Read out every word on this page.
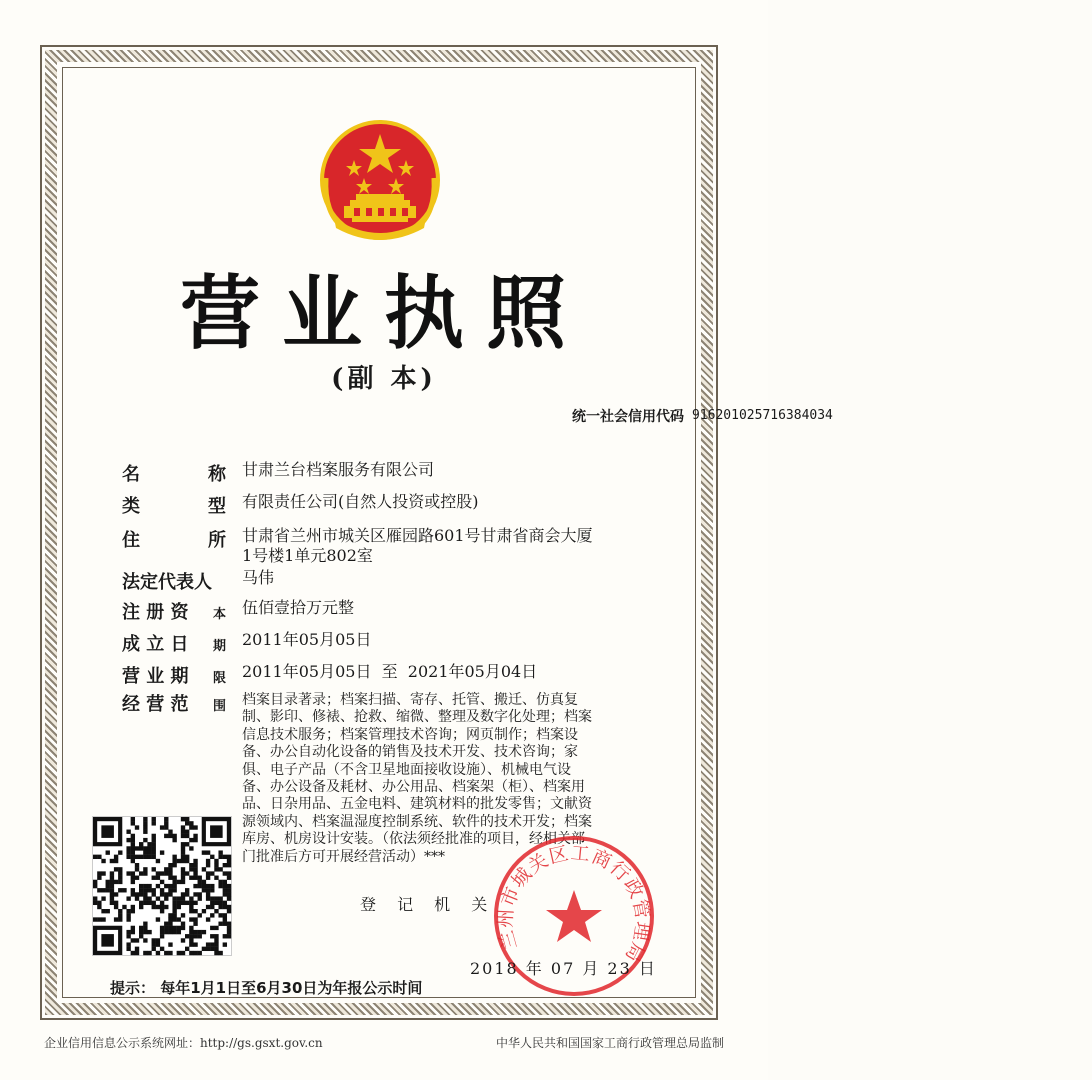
营业执照
(副 本)
统一社会信用代码 916201025716384034
名	称 甘肃兰台档案服务有限公司
类	型 有限责任公司(自然人投资或控股)
住	所 甘肃省兰州市城关区雁园路601号甘肃省商会大厦
1号楼1单元802室
法定代表人	马伟
注 册 资 本 伍佰壹拾万元整
成 立 日 期 2011年05月05日
营 业 期 限 2011年05月05日  至  2021年05月04日
经 营 范 围 档案目录著录；档案扫描、寄存、托管、搬迁、仿真复
制、影印、修裱、抢救、缩微、整理及数字化处理；档案
信息技术服务；档案管理技术咨询；网页制作；档案设
备、办公自动化设备的销售及技术开发、技术咨询；家
俱、电子产品（不含卫星地面接收设施）、机械电气设
备、办公设备及耗材、办公用品、档案架（柜）、档案用
品、日杂用品、五金电料、建筑材料的批发零售；文献资
源领域内、档案温湿度控制系统、软件的技术开发；档案
库房、机房设计安装。（依法须经批准的项目，经相关部
门批准后方可开展经营活动）***
登 记 机 关
兰州市城关区工商行政管理局
2018 年 07 月 23 日
提示： 每年1月1日至6月30日为年报公示时间
企业信用信息公示系统网址：http://gs.gsxt.gov.cn	中华人民共和国国家工商行政管理总局监制
